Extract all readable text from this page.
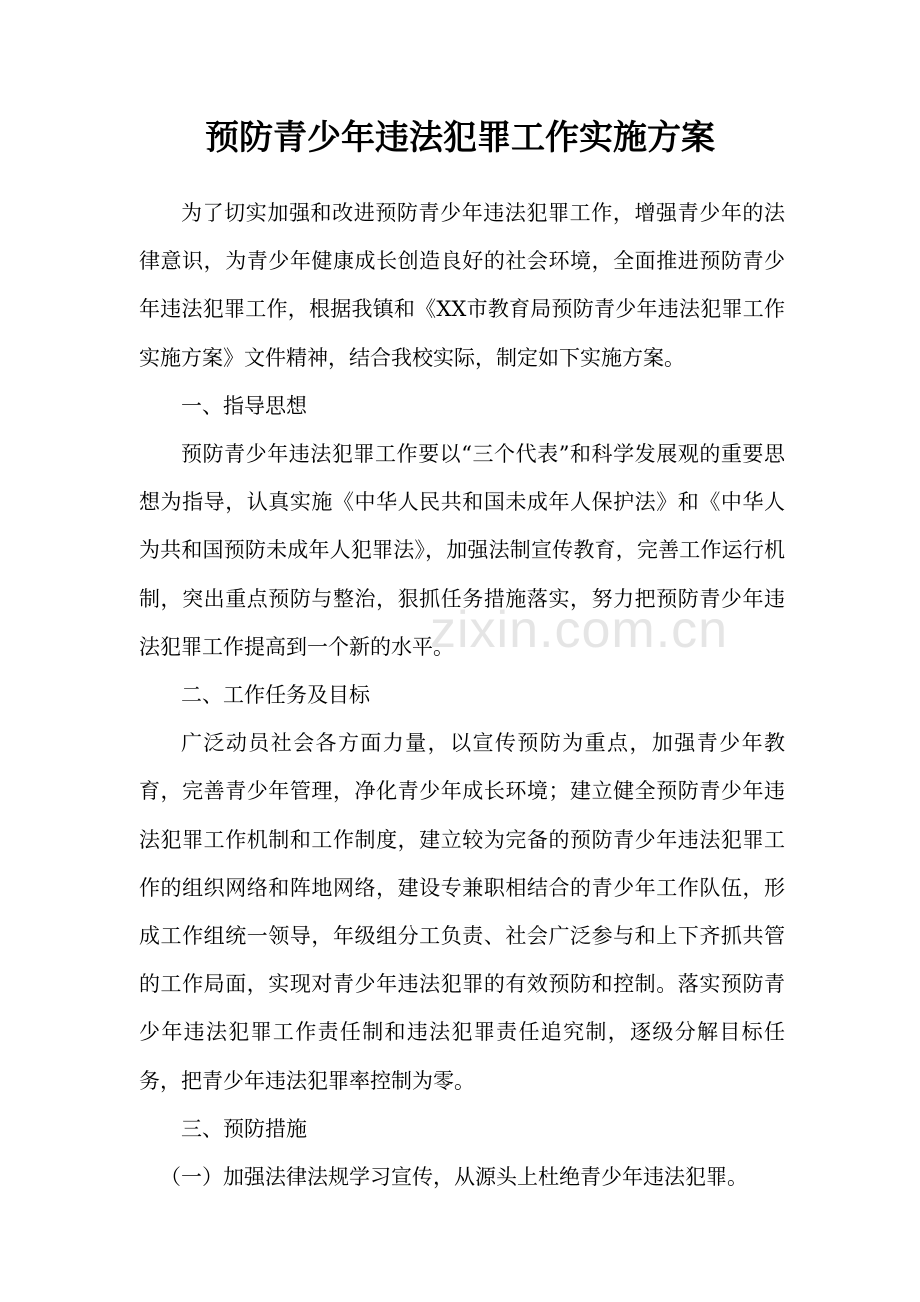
预防青少年违法犯罪工作实施方案

为了切实加强和改进预防青少年违法犯罪工作，增强青少年的法律意识，为青少年健康成长创造良好的社会环境，全面推进预防青少年违法犯罪工作，根据我镇和《XX市教育局预防青少年违法犯罪工作实施方案》文件精神，结合我校实际，制定如下实施方案。

一、指导思想

预防青少年违法犯罪工作要以“三个代表”和科学发展观的重要思想为指导，认真实施《中华人民共和国未成年人保护法》和《中华人为共和国预防未成年人犯罪法》，加强法制宣传教育，完善工作运行机制，突出重点预防与整治，狠抓任务措施落实，努力把预防青少年违法犯罪工作提高到一个新的水平。

二、工作任务及目标

广泛动员社会各方面力量，以宣传预防为重点，加强青少年教育，完善青少年管理，净化青少年成长环境；建立健全预防青少年违法犯罪工作机制和工作制度，建立较为完备的预防青少年违法犯罪工作的组织网络和阵地网络，建设专兼职相结合的青少年工作队伍，形成工作组统一领导，年级组分工负责、社会广泛参与和上下齐抓共管的工作局面，实现对青少年违法犯罪的有效预防和控制。落实预防青少年违法犯罪工作责任制和违法犯罪责任追究制，逐级分解目标任务，把青少年违法犯罪率控制为零。

三、预防措施

（一）加强法律法规学习宣传，从源头上杜绝青少年违法犯罪。

zixin.com.cn
